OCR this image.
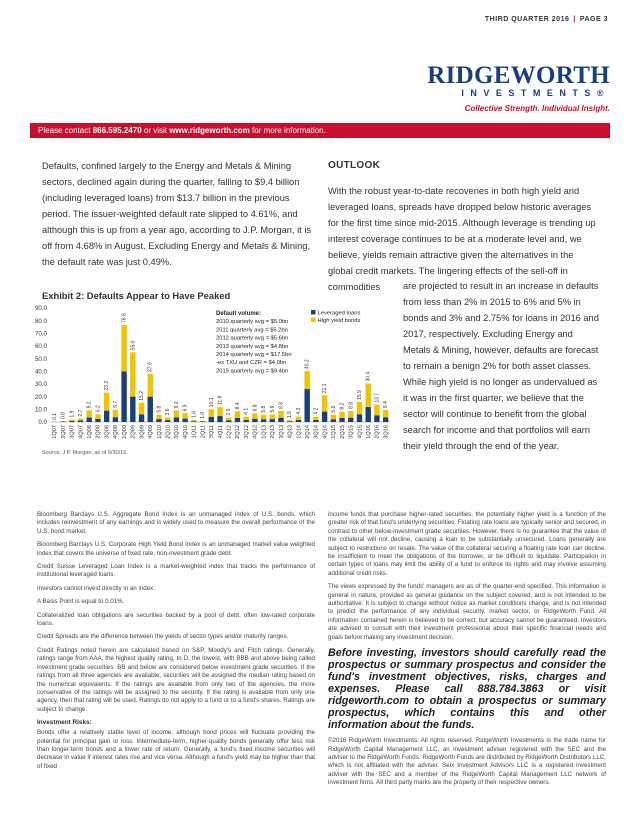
THIRD QUARTER 2016 | PAGE 3
RIDGEWORTH
INVESTMENTS®
Collective Strength. Individual Insight.
Please contact 866.595.2470 or visit www.ridgeworth.com for more information.
Defaults, confined largely to the Energy and Metals & Mining sectors, declined again during the quarter, falling to $9.4 billion (including leveraged loans) from $13.7 billion in the previous period. The issuer-weighted default rate slipped to 4.61%, and although this is up from a year ago, according to J.P. Morgan, it is off from 4.68% in August. Excluding Energy and Metals & Mining, the default rate was just 0.49%.
OUTLOOK
With the robust year-to-date recoveries in both high yield and leveraged loans, spreads have dropped below historic averages for the first time since mid-2015. Although leverage is trending up interest coverage continues to be at a moderate level and, we believe, yields remain attractive given the alternatives in the global credit markets. The lingering effects of the sell-off in commodities	are projected to result in an increase in defaults from less than 2% in 2015 to 6% and 5% in bonds and 3% and 2.75% for loans in 2016 and 2017, respectively. Excluding Energy and Metals & Mining, however, defaults are forecast to remain a benign 2% for both asset classes. While high yield is no longer as undervalued as it was in the first quarter, we believe that the sector will continue to benefit from the global search for income and that portfolios will earn their yield through the end of the year.
Exhibit 2: Defaults Appear to Have Peaked
0.0
10.0
20.0
30.0
40.0
50.0
60.0
70.0
80.0
90.0
0.1
1Q07
0.8
2Q07
1.9
3Q07
2.7
4Q07
9.2
1Q08
6.2
2Q08
23.2
3Q08
9.7
4Q08
76.6
1Q09
55.0
2Q09
15.2
3Q09
37.9
4Q09
5.8
1Q10
3.6
2Q10
9.2
3Q10
6.9
4Q10
1.6
1Q11
1.0
2Q11
10.1
3Q11
11.8
4Q11
3.5
1Q12
8.4
2Q12
4.1
3Q12
6.8
4Q12
5.8
1Q13
5.9
2Q13
8.8
3Q13
1.5
4Q13
4.3
1Q14
40.2
2Q14
4.2
3Q14
21.1
4Q14
5.8
1Q15
8.2
2Q15
8.8
3Q15
15.9
4Q15
30.4
1Q16
13.7
2Q16
9.4
3Q16
Default volume:
2010 quarterly avg = $5.0bn
2011 quarterly avg = $5.2bn
2012 quarterly avg = $5.6bn
2013 quarterly avg = $4.8bn
2014 quarterly avg = $17.5bn
-ex TXU and CZR = $4.0bn
2015 quarterly avg = $9.4bn
Leveraged loans
High yield bonds
Source: J.P. Morgan, as of 9/30/16.

Bloomberg Barclays U.S. Aggregate Bond Index is an unmanaged index of U.S. bonds, which includes reinvestment of any earnings and is widely used to measure the overall performance of the U.S. bond market.

Bloomberg Barclays U.S. Corporate High Yield Bond Index is an unmanaged market value weighted index that covers the universe of fixed rate, non-investment grade debt.

Credit Suisse Leveraged Loan Index is a market-weighted index that tracks the performance of institutional leveraged loans.

Investors cannot invest directly in an index.

A Basis Point is equal to 0.01%.

Collateralized loan obligations are securities backed by a pool of debt, often low-rated corporate loans.

Credit Spreads are the difference between the yields of sector types and/or maturity ranges.

Credit Ratings noted herein are calculated based on S&P, Moody's and Fitch ratings. Generally, ratings range from AAA, the highest quality rating, to D, the lowest, with BBB and above being called investment grade securities. BB and below are considered below investment grade securities. If the ratings from all three agencies are available, securities will be assigned the median rating based on the numerical equivalents. If the ratings are available from only two of the agencies, the more conservative of the ratings will be assigned to the security. If the rating is available from only one agency, then that rating will be used. Ratings do not apply to a fund or to a fund's shares. Ratings are subject to change.

Investment Risks:

Bonds offer a relatively stable level of income, although bond prices will fluctuate providing the potential for principal gain or loss. Intermediate-term, higher-quality bonds generally offer less risk than longer-term bonds and a lower rate of return. Generally, a fund's fixed income securities will decrease in value if interest rates rise and vice versa. Although a fund's yield may be higher than that of fixed

income funds that purchase higher-rated securities, the potentially higher yield is a function of the greater risk of that fund's underlying securities. Floating rate loans are typically senior and secured, in contrast to other below-investment grade securities. However, there is no guarantee that the value of the collateral will not decline, causing a loan to be substantially unsecured. Loans generally are subject to restrictions on resale. The value of the collateral securing a floating rate loan can decline, be insufficient to meet the obligations of the borrower, or be difficult to liquidate. Participation in certain types of loans may limit the ability of a fund to enforce its rights and may involve assuming additional credit risks.

The views expressed by the funds' managers are as of the quarter-end specified. This information is general in nature, provided as general guidance on the subject covered, and is not intended to be authoritative. It is subject to change without notice as market conditions change, and is not intended to predict the performance of any individual security, market sector, or RidgeWorth Fund. All information contained herein is believed to be correct, but accuracy cannot be guaranteed. Investors are advised to consult with their investment professional about their specific financial needs and goals before making any investment decision.

Before investing, investors should carefully read the prospectus or summary prospectus and consider the fund's investment objectives, risks, charges and expenses. Please call 888.784.3863 or visit ridgeworth.com to obtain a prospectus or summary prospectus, which contains this and other information about the funds.

©2016 RidgeWorth Investments. All rights reserved. RidgeWorth Investments is the trade name for RidgeWorth Capital Management LLC, an investment adviser registered with the SEC and the adviser to the RidgeWorth Funds. RidgeWorth Funds are distributed by RidgeWorth Distributors LLC, which is not affiliated with the adviser. Seix Investment Advisors LLC is a registered investment adviser with the SEC and a member of the RidgeWorth Capital Management LLC network of investment firms. All third party marks are the property of their respective owners.
